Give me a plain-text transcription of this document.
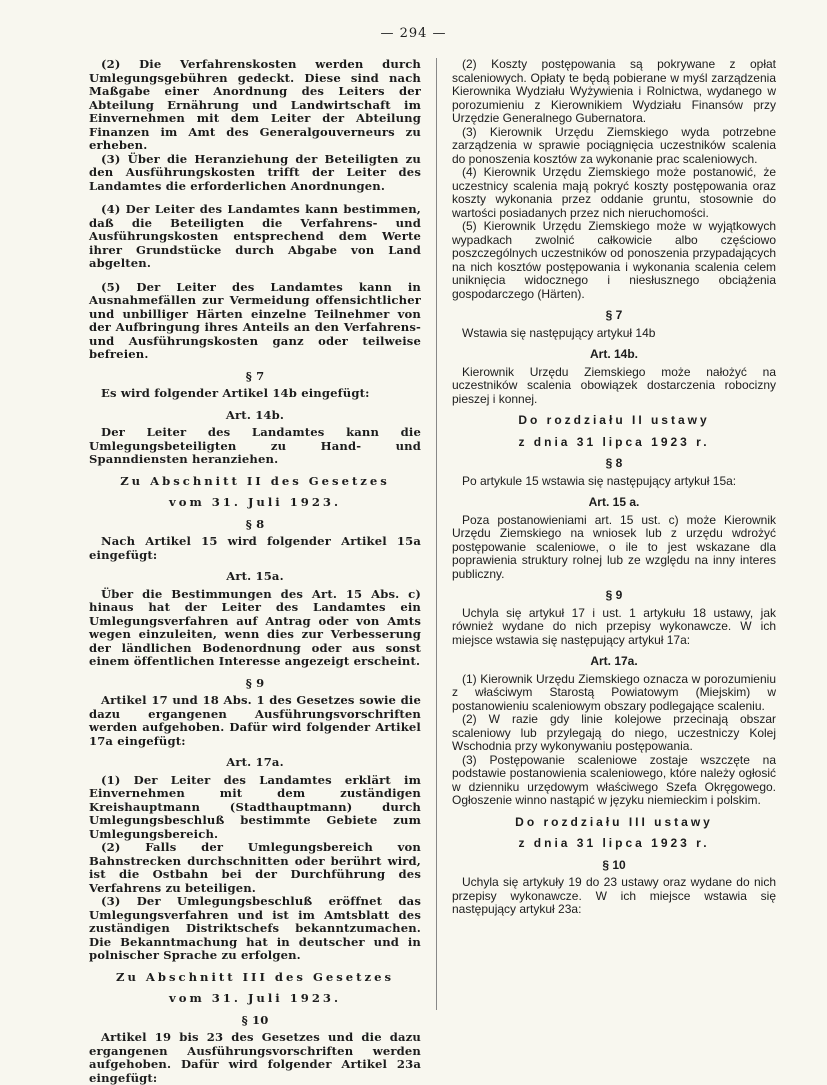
— 294 —

(2) Die Verfahrenskosten werden durch Umlegungsgebühren gedeckt. Diese sind nach Maßgabe einer Anordnung des Leiters der Abteilung Ernährung und Landwirtschaft im Einvernehmen mit dem Leiter der Abteilung Finanzen im Amt des Generalgouverneurs zu erheben.

(3) Über die Heranziehung der Beteiligten zu den Ausführungskosten trifft der Leiter des Landamtes die erforderlichen Anordnungen.

(4) Der Leiter des Landamtes kann bestimmen, daß die Beteiligten die Verfahrens- und Ausführungskosten entsprechend dem Werte ihrer Grundstücke durch Abgabe von Land abgelten.

(5) Der Leiter des Landamtes kann in Ausnahmefällen zur Vermeidung offensichtlicher und unbilliger Härten einzelne Teilnehmer von der Aufbringung ihres Anteils an den Verfahrens- und Ausführungskosten ganz oder teilweise befreien.

§ 7

Es wird folgender Artikel 14b eingefügt:

Art. 14b.

Der Leiter des Landamtes kann die Umlegungsbeteiligten zu Hand- und Spanndiensten heranziehen.

Zu Abschnitt II des Gesetzes

vom 31. Juli 1923.

§ 8

Nach Artikel 15 wird folgender Artikel 15a eingefügt:

Art. 15a.

Über die Bestimmungen des Art. 15 Abs. c) hinaus hat der Leiter des Landamtes ein Umlegungsverfahren auf Antrag oder von Amts wegen einzuleiten, wenn dies zur Verbesserung der ländlichen Bodenordnung oder aus sonst einem öffentlichen Interesse angezeigt erscheint.

§ 9

Artikel 17 und 18 Abs. 1 des Gesetzes sowie die dazu ergangenen Ausführungsvorschriften werden aufgehoben. Dafür wird folgender Artikel 17a eingefügt:

Art. 17a.

(1) Der Leiter des Landamtes erklärt im Einvernehmen mit dem zuständigen Kreishauptmann (Stadthauptmann) durch Umlegungsbeschluß bestimmte Gebiete zum Umlegungsbereich.

(2) Falls der Umlegungsbereich von Bahnstrecken durchschnitten oder berührt wird, ist die Ostbahn bei der Durchführung des Verfahrens zu beteiligen.

(3) Der Umlegungsbeschluß eröffnet das Umlegungsverfahren und ist im Amtsblatt des zuständigen Distriktschefs bekanntzumachen. Die Bekanntmachung hat in deutscher und in polnischer Sprache zu erfolgen.

Zu Abschnitt III des Gesetzes

vom 31. Juli 1923.

§ 10

Artikel 19 bis 23 des Gesetzes und die dazu ergangenen Ausführungsvorschriften werden aufgehoben. Dafür wird folgender Artikel 23a eingefügt:

(2) Koszty postępowania są pokrywane z opłat scaleniowych. Opłaty te będą pobierane w myśl zarządzenia Kierownika Wydziału Wyżywienia i Rolnictwa, wydanego w porozumieniu z Kierownikiem Wydziału Finansów przy Urzędzie Generalnego Gubernatora.

(3) Kierownik Urzędu Ziemskiego wyda potrzebne zarządzenia w sprawie pociągnięcia uczestników scalenia do ponoszenia kosztów za wykonanie prac scaleniowych.

(4) Kierownik Urzędu Ziemskiego może postanowić, że uczestnicy scalenia mają pokryć koszty postępowania oraz koszty wykonania przez oddanie gruntu, stosownie do wartości posiadanych przez nich nieruchomości.

(5) Kierownik Urzędu Ziemskiego może w wyjątkowych wypadkach zwolnić całkowicie albo częściowo poszczególnych uczestników od ponoszenia przypadających na nich kosztów postępowania i wykonania scalenia celem uniknięcia widocznego i niesłusznego obciążenia gospodarczego (Härten).

§ 7

Wstawia się następujący artykuł 14b

Art. 14b.

Kierownik Urzędu Ziemskiego może nałożyć na uczestników scalenia obowiązek dostarczenia robocizny pieszej i konnej.

Do rozdziału II ustawy

z dnia 31 lipca 1923 r.

§ 8

Po artykule 15 wstawia się następujący artykuł 15a:

Art. 15 a.

Poza postanowieniami art. 15 ust. c) może Kierownik Urzędu Ziemskiego na wniosek lub z urzędu wdrożyć postępowanie scaleniowe, o ile to jest wskazane dla poprawienia struktury rolnej lub ze względu na inny interes publiczny.

§ 9

Uchyla się artykuł 17 i ust. 1 artykułu 18 ustawy, jak również wydane do nich przepisy wykonawcze. W ich miejsce wstawia się następujący artykuł 17a:

Art. 17a.

(1) Kierownik Urzędu Ziemskiego oznacza w porozumieniu z właściwym Starostą Powiatowym (Miejskim) w postanowieniu scaleniowym obszary podlegające scaleniu.

(2) W razie gdy linie kolejowe przecinają obszar scaleniowy lub przylegają do niego, uczestniczy Kolej Wschodnia przy wykonywaniu postępowania.

(3) Postępowanie scaleniowe zostaje wszczęte na podstawie postanowienia scaleniowego, które należy ogłosić w dzienniku urzędowym właściwego Szefa Okręgowego. Ogłoszenie winno nastąpić w języku niemieckim i polskim.

Do rozdziału III ustawy

z dnia 31 lipca 1923 r.

§ 10

Uchyla się artykuły 19 do 23 ustawy oraz wydane do nich przepisy wykonawcze. W ich miejsce wstawia się następujący artykuł 23a:
